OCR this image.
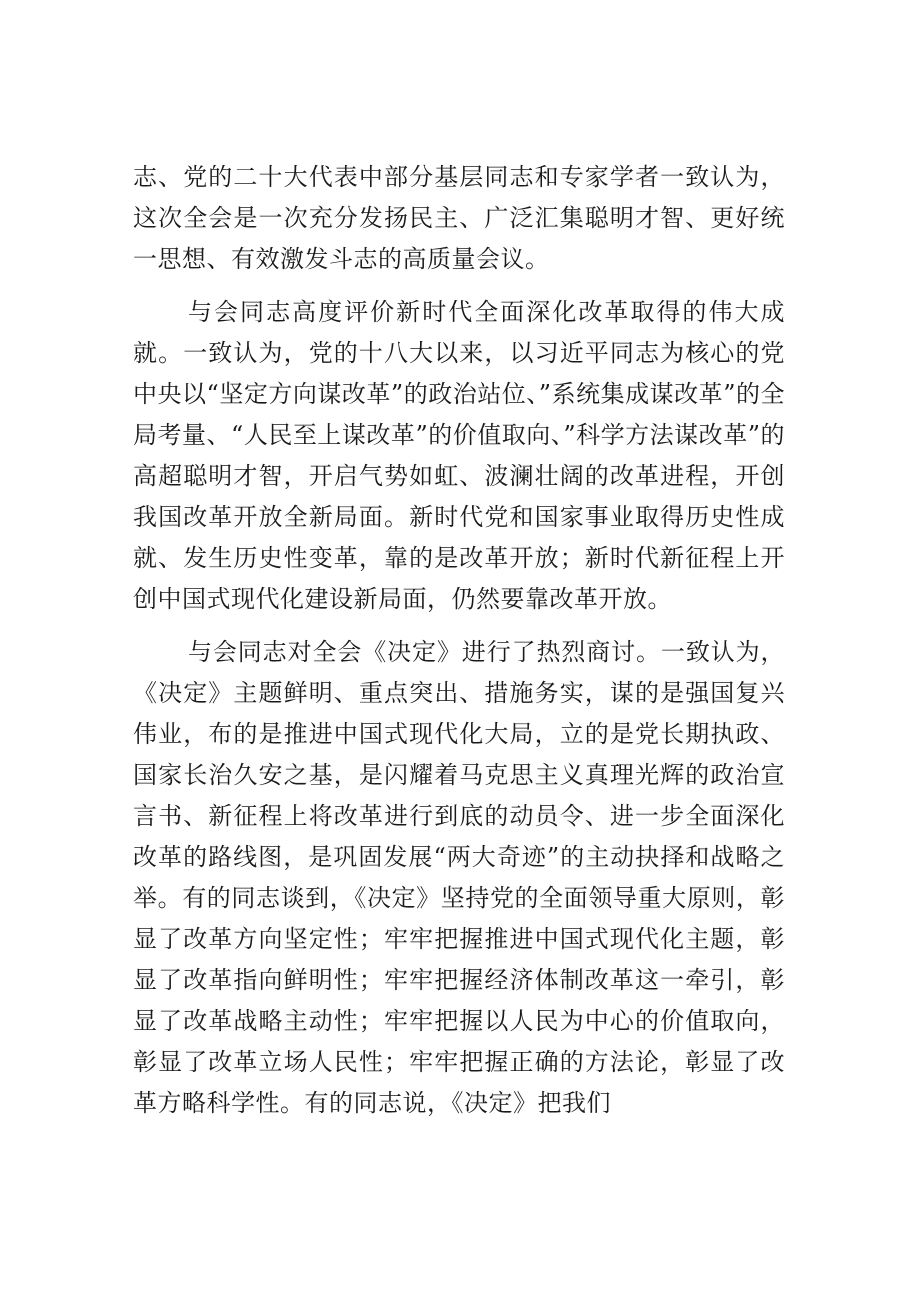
志、党的二十大代表中部分基层同志和专家学者一致认为，这次全会是一次充分发扬民主、广泛汇集聪明才智、更好统一思想、有效激发斗志的高质量会议。

与会同志高度评价新时代全面深化改革取得的伟大成就。一致认为，党的十八大以来，以习近平同志为核心的党中央以“坚定方向谋改革”的政治站位、”系统集成谋改革”的全局考量、“人民至上谋改革”的价值取向、”科学方法谋改革”的高超聪明才智，开启气势如虹、波澜壮阔的改革进程，开创我国改革开放全新局面。新时代党和国家事业取得历史性成就、发生历史性变革，靠的是改革开放；新时代新征程上开创中国式现代化建设新局面，仍然要靠改革开放。

与会同志对全会《决定》进行了热烈商讨。一致认为，《决定》主题鲜明、重点突出、措施务实，谋的是强国复兴伟业，布的是推进中国式现代化大局，立的是党长期执政、国家长治久安之基，是闪耀着马克思主义真理光辉的政治宣言书、新征程上将改革进行到底的动员令、进一步全面深化改革的路线图，是巩固发展“两大奇迹”的主动抉择和战略之举。有的同志谈到，《决定》坚持党的全面领导重大原则，彰显了改革方向坚定性；牢牢把握推进中国式现代化主题，彰显了改革指向鲜明性；牢牢把握经济体制改革这一牵引，彰显了改革战略主动性；牢牢把握以人民为中心的价值取向，彰显了改革立场人民性；牢牢把握正确的方法论，彰显了改革方略科学性。有的同志说，《决定》把我们
